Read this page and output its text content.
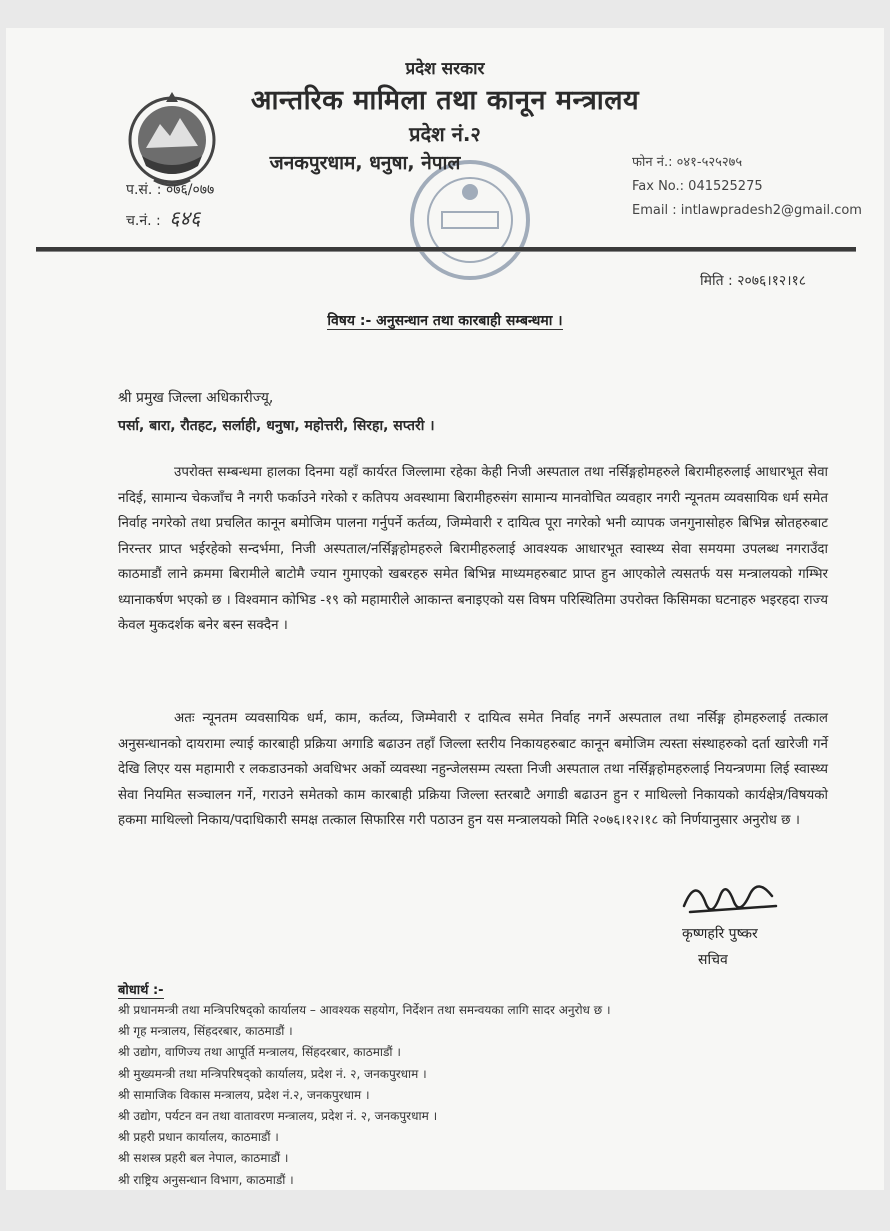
प्रदेश सरकार
आन्तरिक मामिला तथा कानून मन्त्रालय
प्रदेश नं.२
जनकपुरधाम, धनुषा, नेपाल
प.सं. : ०७६/०७७
च.नं. : ६४६
फोन नं.: ०४१-५२५२७५
Fax No.: 041525275
Email : intlawpradesh2@gmail.com
मिति : २०७६।१२।१८
विषय :- अनुसन्धान तथा कारबाही सम्बन्धमा ।
श्री प्रमुख जिल्ला अधिकारीज्यू,
पर्सा, बारा, रौतहट, सर्लाही, धनुषा, महोत्तरी, सिरहा, सप्तरी ।

उपरोक्त सम्बन्धमा हालका दिनमा यहाँ कार्यरत जिल्लामा रहेका केही निजी अस्पताल तथा नर्सिङ्गहोमहरुले बिरामीहरुलाई आधारभूत सेवा नदिई, सामान्य चेकजाँच नै नगरी फर्काउने गरेको र कतिपय अवस्थामा बिरामीहरुसंग सामान्य मानवोचित व्यवहार नगरी न्यूनतम व्यवसायिक धर्म समेत निर्वाह नगरेको तथा प्रचलित कानून बमोजिम पालना गर्नुपर्ने कर्तव्य, जिम्मेवारी र दायित्व पूरा नगरेको भनी व्यापक जनगुनासोहरु बिभिन्न स्रोतहरुबाट निरन्तर प्राप्त भईरहेको सन्दर्भमा, निजी अस्पताल/नर्सिङ्गहोमहरुले बिरामीहरुलाई आवश्यक आधारभूत स्वास्थ्य सेवा समयमा उपलब्ध नगराउँदा काठमाडौं लाने क्रममा बिरामीले बाटोमै ज्यान गुमाएको खबरहरु समेत बिभिन्न माध्यमहरुबाट प्राप्त हुन आएकोले त्यसतर्फ यस मन्त्रालयको गम्भिर ध्यानाकर्षण भएको छ । विश्वमान कोभिड -१९ को महामारीले आकान्त बनाइएको यस विषम परिस्थितिमा उपरोक्त किसिमका घटनाहरु भइरहदा राज्य केवल मुकदर्शक बनेर बस्न सक्दैन ।

अतः न्यूनतम व्यवसायिक धर्म, काम, कर्तव्य, जिम्मेवारी र दायित्व समेत निर्वाह नगर्ने अस्पताल तथा नर्सिङ्ग होमहरुलाई तत्काल अनुसन्धानको दायरामा ल्याई कारबाही प्रक्रिया अगाडि बढाउन तहाँ जिल्ला स्तरीय निकायहरुबाट कानून बमोजिम त्यस्ता संस्थाहरुको दर्ता खारेजी गर्ने देखि लिएर यस महामारी र लकडाउनको अवधिभर अर्को व्यवस्था नहुन्जेलसम्म त्यस्ता निजी अस्पताल तथा नर्सिङ्गहोमहरुलाई नियन्त्रणमा लिई स्वास्थ्य सेवा नियमित सञ्चालन गर्ने, गराउने समेतको काम कारबाही प्रक्रिया जिल्ला स्तरबाटै अगाडी बढाउन हुन र माथिल्लो निकायको कार्यक्षेत्र/विषयको हकमा माथिल्लो निकाय/पदाधिकारी समक्ष तत्काल सिफारिस गरी पठाउन हुन यस मन्त्रालयको मिति २०७६।१२।१८ को निर्णयानुसार अनुरोध छ ।

कृष्णहरि पुष्कर
सचिव
बोधार्थ :-
श्री प्रधानमन्त्री तथा मन्त्रिपरिषद्को कार्यालय – आवश्यक सहयोग, निर्देशन तथा समन्वयका लागि सादर अनुरोध छ ।
श्री गृह मन्त्रालय, सिंहदरबार, काठमाडौं ।
श्री उद्योग, वाणिज्य तथा आपूर्ति मन्त्रालय, सिंहदरबार, काठमाडौं ।
श्री मुख्यमन्त्री तथा मन्त्रिपरिषद्को कार्यालय, प्रदेश नं. २, जनकपुरधाम ।
श्री सामाजिक विकास मन्त्रालय, प्रदेश नं.२, जनकपुरधाम ।
श्री उद्योग, पर्यटन वन तथा वातावरण मन्त्रालय, प्रदेश नं. २, जनकपुरधाम ।
श्री प्रहरी प्रधान कार्यालय, काठमाडौं ।
श्री सशस्त्र प्रहरी बल नेपाल, काठमाडौं ।
श्री राष्ट्रिय अनुसन्धान विभाग, काठमाडौं ।
